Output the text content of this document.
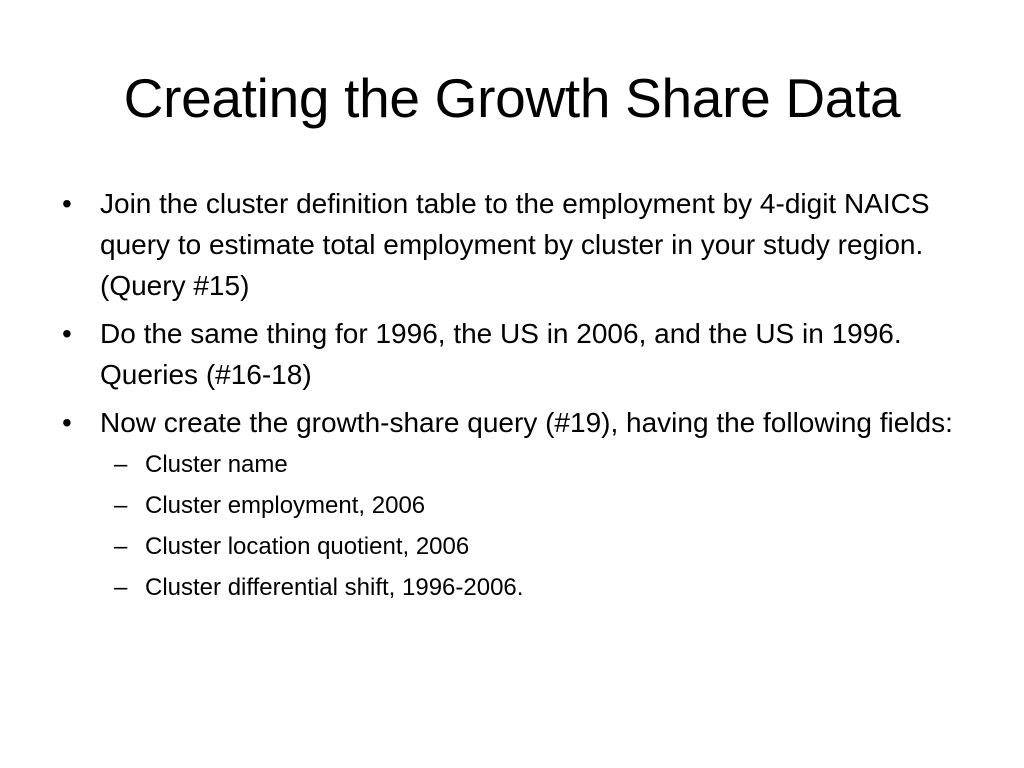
Creating the Growth Share Data
•	Join the cluster definition table to the employment by 4-digit NAICS query to estimate total employment by cluster in your study region. (Query #15)
•	Do the same thing for 1996, the US in 2006, and the US in 1996. Queries (#16-18)
•	Now create the growth-share query (#19), having the following fields:
– Cluster name
– Cluster employment, 2006
– Cluster location quotient, 2006
– Cluster differential shift, 1996-2006.
